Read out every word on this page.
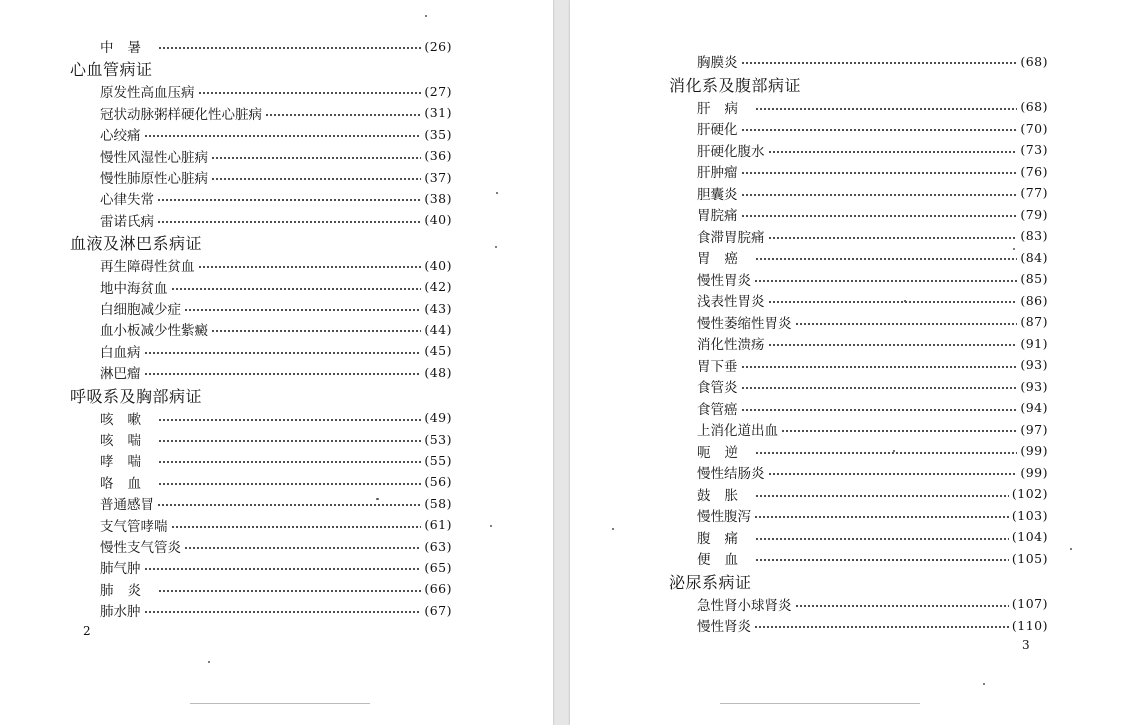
中暑	(26)
心血管病证
原发性高血压病	(27)
冠状动脉粥样硬化性心脏病	(31)
心绞痛	(35)
慢性风湿性心脏病	(36)
慢性肺原性心脏病	(37)
心律失常	(38)
雷诺氏病	(40)
血液及淋巴系病证
再生障碍性贫血	(40)
地中海贫血	(42)
白细胞减少症	(43)
血小板减少性紫癜	(44)
白血病	(45)
淋巴瘤	(48)
呼吸系及胸部病证
咳嗽	(49)
咳喘	(53)
哮喘	(55)
咯血	(56)
普通感冒	(58)
支气管哮喘	(61)
慢性支气管炎	(63)
肺气肿	(65)
肺炎	(66)
肺水肿	(67)
2
胸膜炎	(68)
消化系及腹部病证
肝病	(68)
肝硬化	(70)
肝硬化腹水	(73)
肝肿瘤	(76)
胆囊炎	(77)
胃脘痛	(79)
食滞胃脘痛	(83)
胃癌	(84)
慢性胃炎	(85)
浅表性胃炎	(86)
慢性萎缩性胃炎	(87)
消化性溃疡	(91)
胃下垂	(93)
食管炎	(93)
食管癌	(94)
上消化道出血	(97)
呃逆	(99)
慢性结肠炎	(99)
鼓胀	(102)
慢性腹泻	(103)
腹痛	(104)
便血	(105)
泌尿系病证
急性肾小球肾炎	(107)
慢性肾炎	(110)
3
